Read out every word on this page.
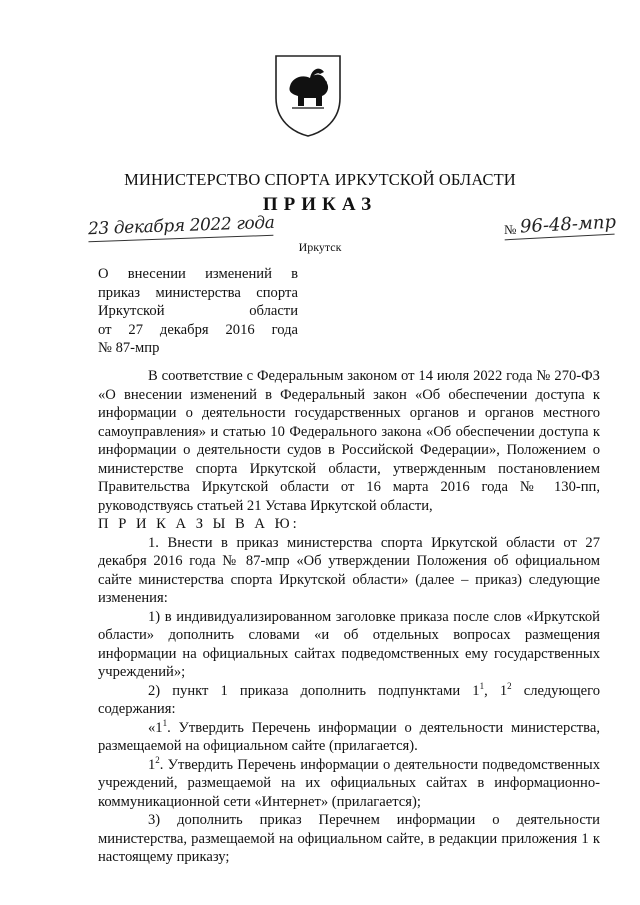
МИНИСТЕРСТВО СПОРТА ИРКУТСКОЙ ОБЛАСТИ
ПРИКАЗ
23 декабря 2022 года	№ 96-48-мпр
Иркутск
О внесении изменений в
приказ министерства спорта
Иркутской области
от 27 декабря 2016 года
№ 87-мпр

В соответствие с Федеральным законом от 14 июля 2022 года № 270-ФЗ «О внесении изменений в Федеральный закон «Об обеспечении доступа к информации о деятельности государственных органов и органов местного самоуправления» и статью 10 Федерального закона «Об обеспечении доступа к информации о деятельности судов в Российской Федерации», Положением о министерстве спорта Иркутской области, утвержденным постановлением Правительства Иркутской области от 16 марта 2016 года № 130-пп, руководствуясь статьей 21 Устава Иркутской области,

П Р И К А З Ы В А Ю:

1. Внести в приказ министерства спорта Иркутской области от 27 декабря 2016 года № 87-мпр «Об утверждении Положения об официальном сайте министерства спорта Иркутской области» (далее – приказ) следующие изменения:

1) в индивидуализированном заголовке приказа после слов «Иркутской области» дополнить словами «и об отдельных вопросах размещения информации на официальных сайтах подведомственных ему государственных учреждений»;

2) пункт 1 приказа дополнить подпунктами $1^1$, $1^2$ следующего содержания:

«$1^1$. Утвердить Перечень информации о деятельности министерства, размещаемой на официальном сайте (прилагается).

$1^2$. Утвердить Перечень информации о деятельности подведомственных учреждений, размещаемой на их официальных сайтах в информационно-коммуникационной сети «Интернет» (прилагается);

3) дополнить приказ Перечнем информации о деятельности министерства, размещаемой на официальном сайте, в редакции приложения 1 к настоящему приказу;
